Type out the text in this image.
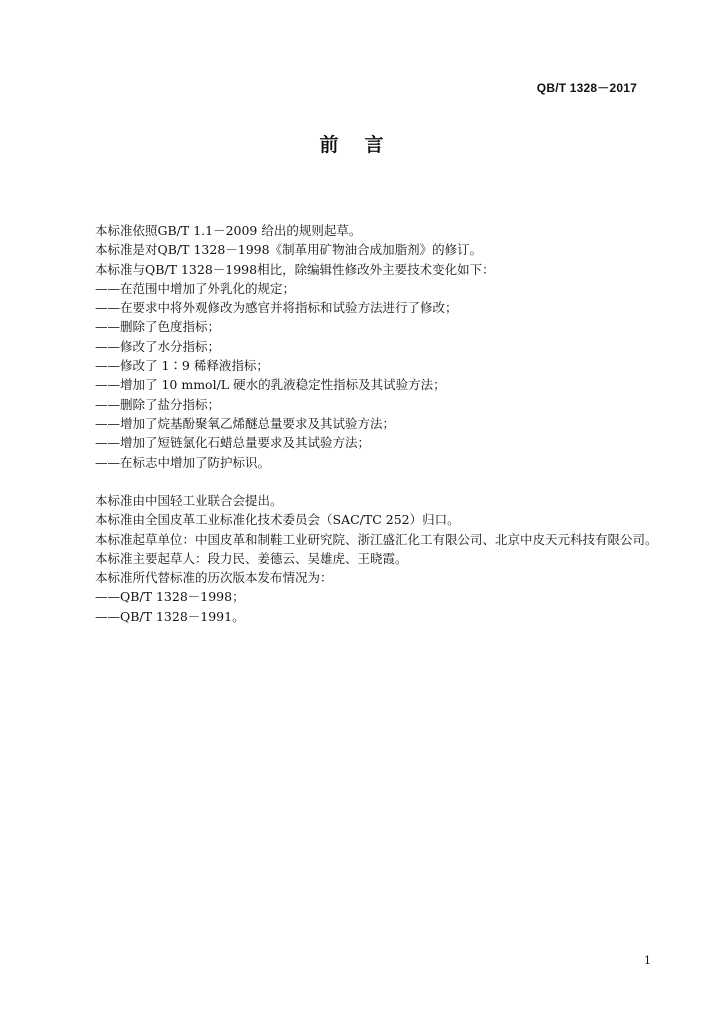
QB/T 1328－2017
前言
本标准依照GB/T 1.1－2009 给出的规则起草。
本标准是对QB/T 1328－1998《制革用矿物油合成加脂剂》的修订。
本标准与QB/T 1328－1998相比，除编辑性修改外主要技术变化如下：
——在范围中增加了外乳化的规定；
——在要求中将外观修改为感官并将指标和试验方法进行了修改；
——删除了色度指标；
——修改了水分指标；
——修改了 1∶9 稀释液指标；
——增加了 10 mmol/L 硬水的乳液稳定性指标及其试验方法；
——删除了盐分指标；
——增加了烷基酚聚氧乙烯醚总量要求及其试验方法；
——增加了短链氯化石蜡总量要求及其试验方法；
——在标志中增加了防护标识。
本标准由中国轻工业联合会提出。
本标准由全国皮革工业标准化技术委员会（SAC/TC 252）归口。
本标准起草单位：中国皮革和制鞋工业研究院、浙江盛汇化工有限公司、北京中皮天元科技有限公司。
本标准主要起草人：段力民、姜德云、吴雄虎、王晓霞。
本标准所代替标准的历次版本发布情况为：
——QB/T 1328－1998；
——QB/T 1328－1991。
1
